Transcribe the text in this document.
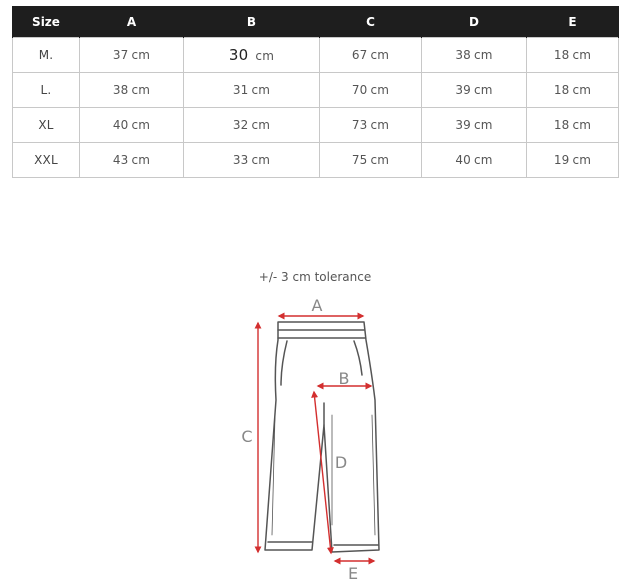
Size	A	B	C	D	E
M.	37 cm	30 cm	67 cm	38 cm	18 cm
L.	38 cm	31 cm	70 cm	39 cm	18 cm
XL	40 cm	32 cm	73 cm	39 cm	18 cm
XXL	43 cm	33 cm	75 cm	40 cm	19 cm
+/- 3 cm tolerance
A
B
C
D
E
